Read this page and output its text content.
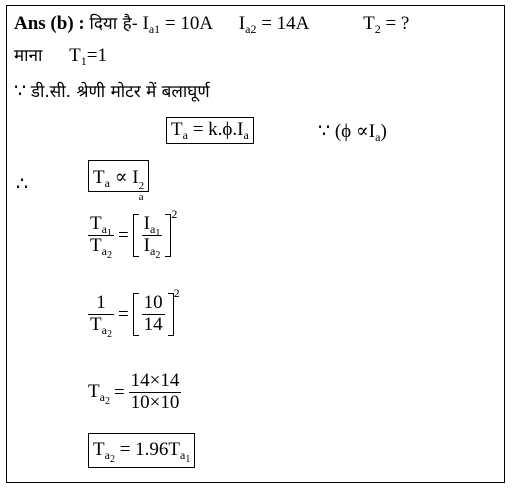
Ans (b) : दिया है- $I_{a1} = 10A$ $I_{a2} = 14A$	$T_2$ = ?
माना $T_1=1$
∵ डी.सी. श्रेणी मोटर में बलाघूर्ण
$T_a = k.\phi.I_a$	∵ $(\phi \propto I_a)$
∴	$T_a \propto I$ 2
a
$\frac{T_{a_1}}{T_{a_2}} = \frac{I_{a_1}}{I_{a_2}} 2$
$\frac{1}{T_{a_2}} = \frac{10}{14} 2$
$T_{a_2} = \frac{14\times 14}{10\times 10}$
$T_{a_2} = 1.96T_{a_1}$
